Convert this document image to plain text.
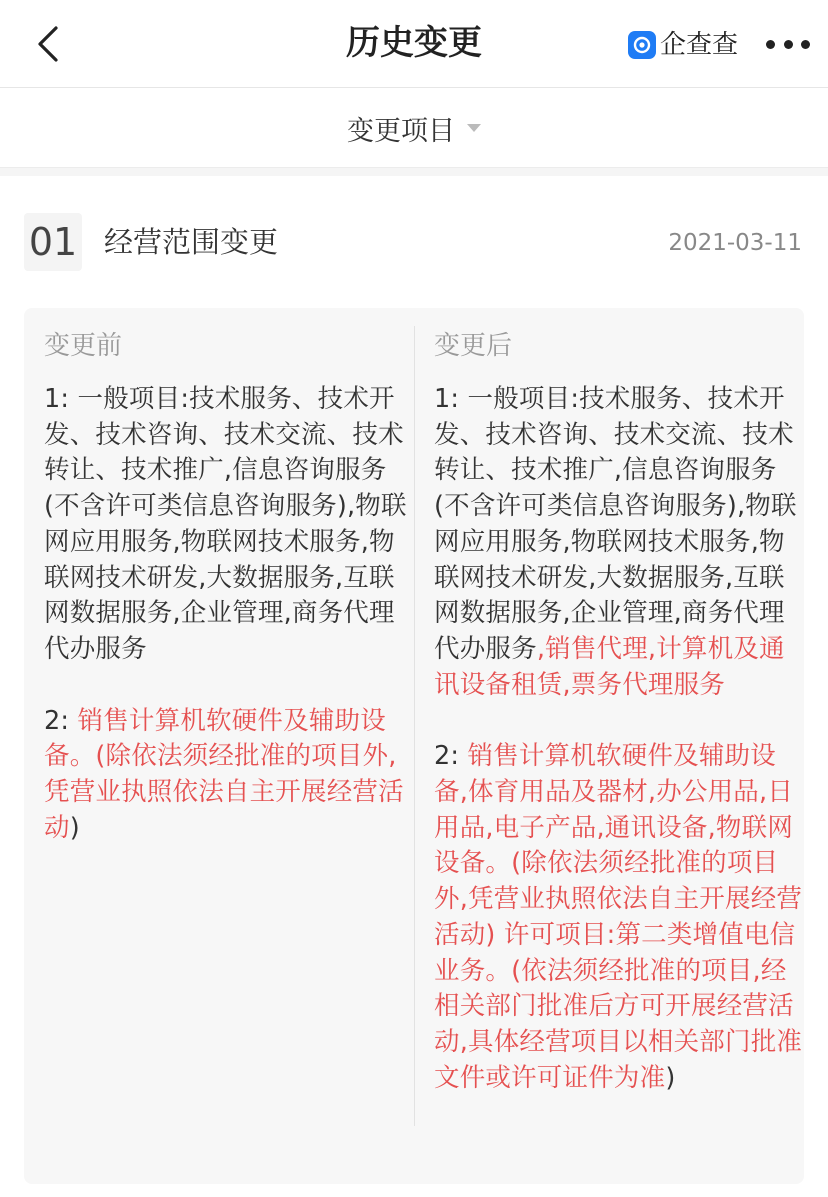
历史变更	企查查
变更项目
01 经营范围变更	2021-03-11
变更前
1: 一般项目:技术服务、技术开发、技术咨询、技术交流、技术转让、技术推广,信息咨询服务 (不含许可类信息咨询服务),物联网应用服务,物联网技术服务,物联网技术研发,大数据服务,互联网数据服务,企业管理,商务代理代办服务
2: 销售计算机软硬件及辅助设备。(除依法须经批准的项目外,凭营业执照依法自主开展经营活动)
变更后
1: 一般项目:技术服务、技术开发、技术咨询、技术交流、技术转让、技术推广,信息咨询服务 (不含许可类信息咨询服务),物联网应用服务,物联网技术服务,物联网技术研发,大数据服务,互联网数据服务,企业管理,商务代理代办服务,销售代理,计算机及通讯设备租赁,票务代理服务
2: 销售计算机软硬件及辅助设备,体育用品及器材,办公用品,日用品,电子产品,通讯设备,物联网设备。(除依法须经批准的项目外,凭营业执照依法自主开展经营活动) 许可项目:第二类增值电信业务。(依法须经批准的项目,经相关部门批准后方可开展经营活动,具体经营项目以相关部门批准文件或许可证件为准)
